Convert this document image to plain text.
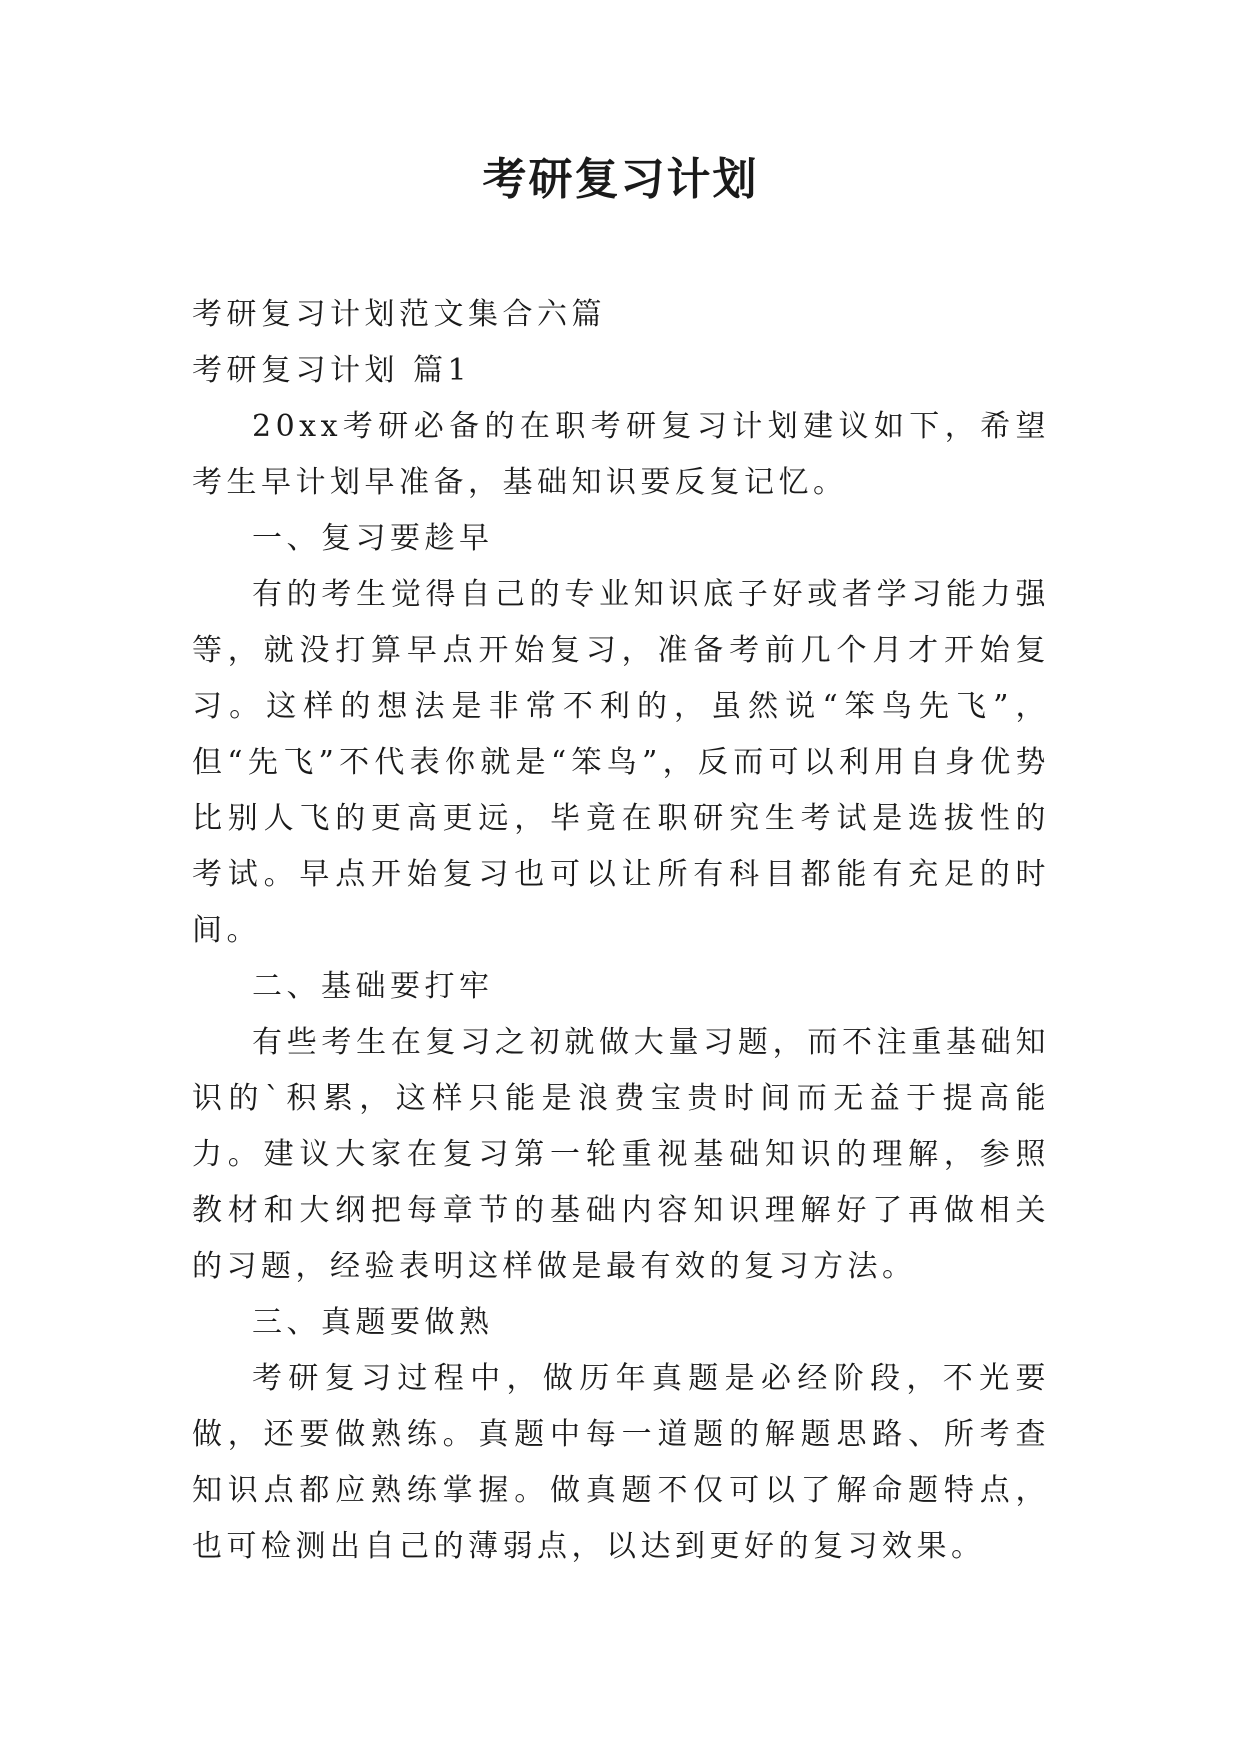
考研复习计划

考研复习计划范文集合六篇

考研复习计划 篇1

20xx考研必备的在职考研复习计划建议如下，希望考生早计划早准备，基础知识要反复记忆。

一、复习要趁早

有的考生觉得自己的专业知识底子好或者学习能力强等，就没打算早点开始复习，准备考前几个月才开始复习。这样的想法是非常不利的，虽然说“笨鸟先飞”，但“先飞”不代表你就是“笨鸟”，反而可以利用自身优势比别人飞的更高更远，毕竟在职研究生考试是选拔性的考试。早点开始复习也可以让所有科目都能有充足的时间。

二、基础要打牢

有些考生在复习之初就做大量习题，而不注重基础知识的`积累，这样只能是浪费宝贵时间而无益于提高能力。建议大家在复习第一轮重视基础知识的理解，参照教材和大纲把每章节的基础内容知识理解好了再做相关的习题，经验表明这样做是最有效的复习方法。

三、真题要做熟

考研复习过程中，做历年真题是必经阶段，不光要做，还要做熟练。真题中每一道题的解题思路、所考查知识点都应熟练掌握。做真题不仅可以了解命题特点，也可检测出自己的薄弱点，以达到更好的复习效果。
